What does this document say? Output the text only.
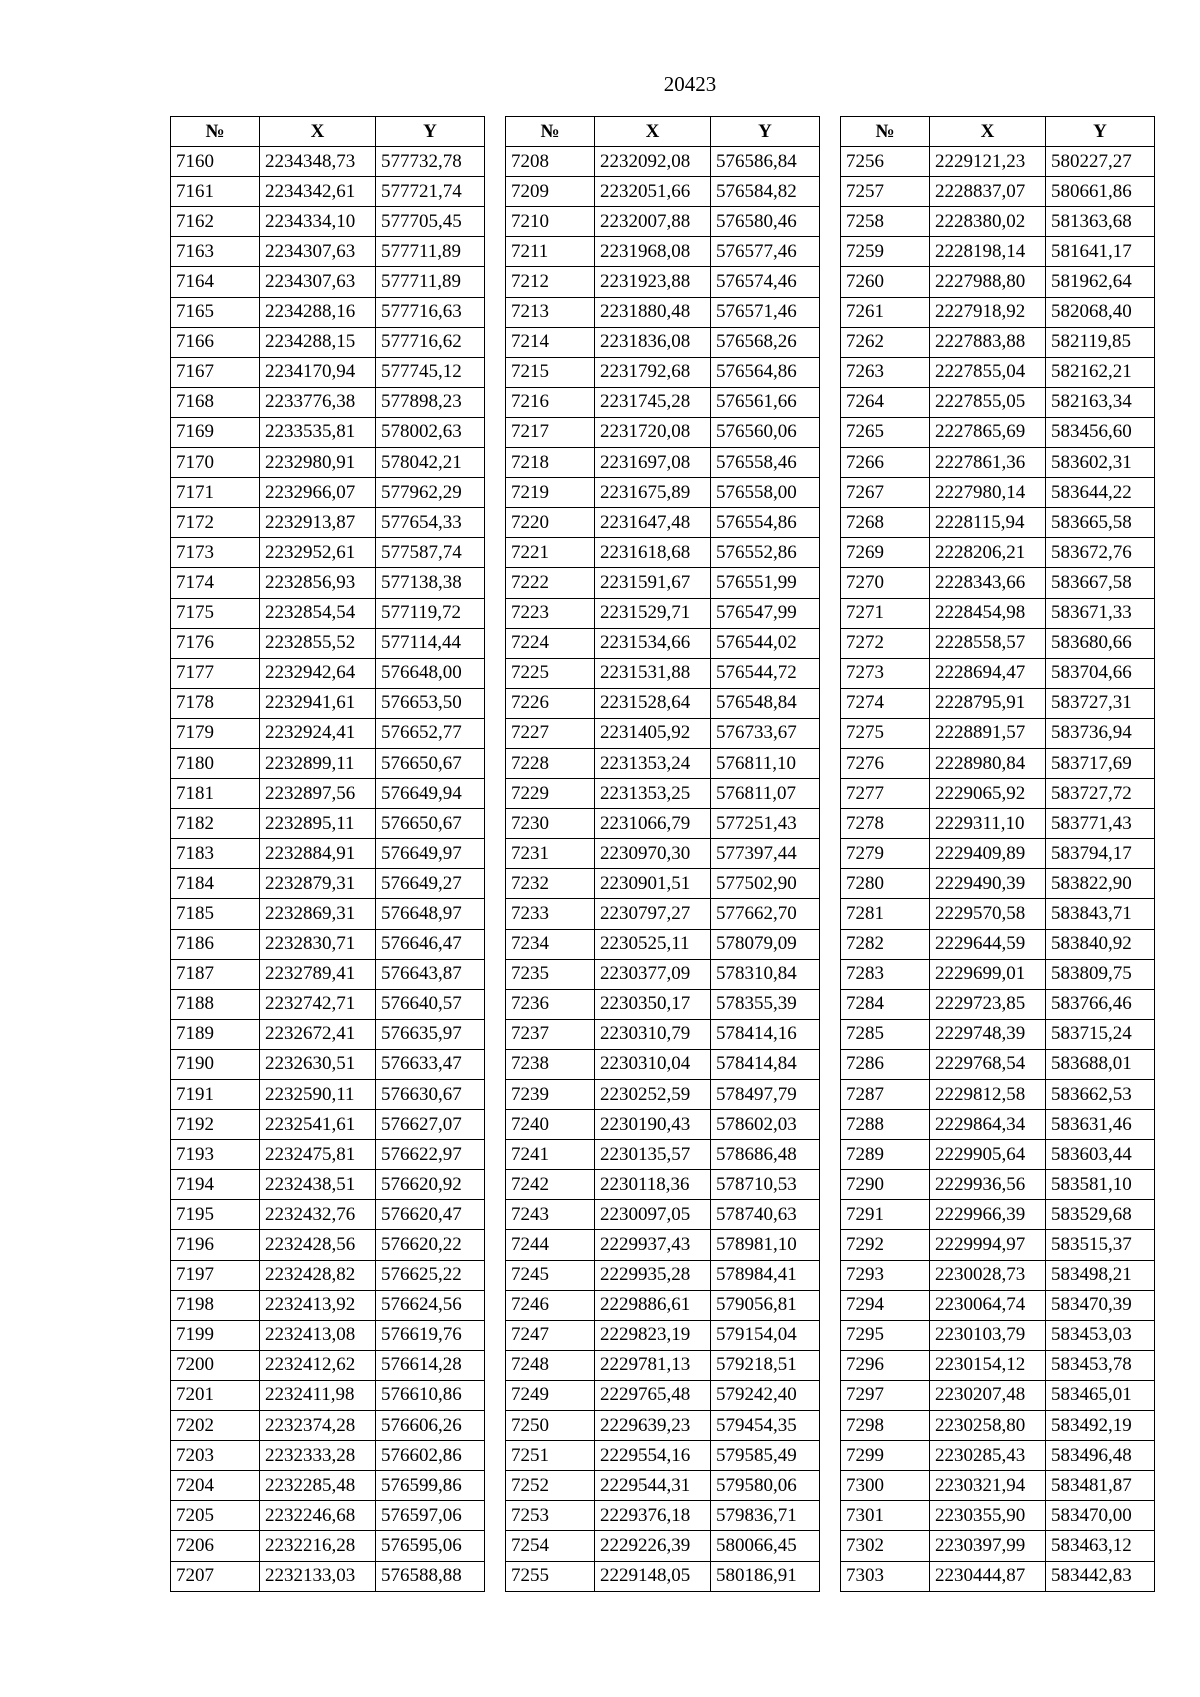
20423
№	X	Y
7160	2234348,73	577732,78
7161	2234342,61	577721,74
7162	2234334,10	577705,45
7163	2234307,63	577711,89
7164	2234307,63	577711,89
7165	2234288,16	577716,63
7166	2234288,15	577716,62
7167	2234170,94	577745,12
7168	2233776,38	577898,23
7169	2233535,81	578002,63
7170	2232980,91	578042,21
7171	2232966,07	577962,29
7172	2232913,87	577654,33
7173	2232952,61	577587,74
7174	2232856,93	577138,38
7175	2232854,54	577119,72
7176	2232855,52	577114,44
7177	2232942,64	576648,00
7178	2232941,61	576653,50
7179	2232924,41	576652,77
7180	2232899,11	576650,67
7181	2232897,56	576649,94
7182	2232895,11	576650,67
7183	2232884,91	576649,97
7184	2232879,31	576649,27
7185	2232869,31	576648,97
7186	2232830,71	576646,47
7187	2232789,41	576643,87
7188	2232742,71	576640,57
7189	2232672,41	576635,97
7190	2232630,51	576633,47
7191	2232590,11	576630,67
7192	2232541,61	576627,07
7193	2232475,81	576622,97
7194	2232438,51	576620,92
7195	2232432,76	576620,47
7196	2232428,56	576620,22
7197	2232428,82	576625,22
7198	2232413,92	576624,56
7199	2232413,08	576619,76
7200	2232412,62	576614,28
7201	2232411,98	576610,86
7202	2232374,28	576606,26
7203	2232333,28	576602,86
7204	2232285,48	576599,86
7205	2232246,68	576597,06
7206	2232216,28	576595,06
7207	2232133,03	576588,88
№	X	Y
7208	2232092,08	576586,84
7209	2232051,66	576584,82
7210	2232007,88	576580,46
7211	2231968,08	576577,46
7212	2231923,88	576574,46
7213	2231880,48	576571,46
7214	2231836,08	576568,26
7215	2231792,68	576564,86
7216	2231745,28	576561,66
7217	2231720,08	576560,06
7218	2231697,08	576558,46
7219	2231675,89	576558,00
7220	2231647,48	576554,86
7221	2231618,68	576552,86
7222	2231591,67	576551,99
7223	2231529,71	576547,99
7224	2231534,66	576544,02
7225	2231531,88	576544,72
7226	2231528,64	576548,84
7227	2231405,92	576733,67
7228	2231353,24	576811,10
7229	2231353,25	576811,07
7230	2231066,79	577251,43
7231	2230970,30	577397,44
7232	2230901,51	577502,90
7233	2230797,27	577662,70
7234	2230525,11	578079,09
7235	2230377,09	578310,84
7236	2230350,17	578355,39
7237	2230310,79	578414,16
7238	2230310,04	578414,84
7239	2230252,59	578497,79
7240	2230190,43	578602,03
7241	2230135,57	578686,48
7242	2230118,36	578710,53
7243	2230097,05	578740,63
7244	2229937,43	578981,10
7245	2229935,28	578984,41
7246	2229886,61	579056,81
7247	2229823,19	579154,04
7248	2229781,13	579218,51
7249	2229765,48	579242,40
7250	2229639,23	579454,35
7251	2229554,16	579585,49
7252	2229544,31	579580,06
7253	2229376,18	579836,71
7254	2229226,39	580066,45
7255	2229148,05	580186,91
№	X	Y
7256	2229121,23	580227,27
7257	2228837,07	580661,86
7258	2228380,02	581363,68
7259	2228198,14	581641,17
7260	2227988,80	581962,64
7261	2227918,92	582068,40
7262	2227883,88	582119,85
7263	2227855,04	582162,21
7264	2227855,05	582163,34
7265	2227865,69	583456,60
7266	2227861,36	583602,31
7267	2227980,14	583644,22
7268	2228115,94	583665,58
7269	2228206,21	583672,76
7270	2228343,66	583667,58
7271	2228454,98	583671,33
7272	2228558,57	583680,66
7273	2228694,47	583704,66
7274	2228795,91	583727,31
7275	2228891,57	583736,94
7276	2228980,84	583717,69
7277	2229065,92	583727,72
7278	2229311,10	583771,43
7279	2229409,89	583794,17
7280	2229490,39	583822,90
7281	2229570,58	583843,71
7282	2229644,59	583840,92
7283	2229699,01	583809,75
7284	2229723,85	583766,46
7285	2229748,39	583715,24
7286	2229768,54	583688,01
7287	2229812,58	583662,53
7288	2229864,34	583631,46
7289	2229905,64	583603,44
7290	2229936,56	583581,10
7291	2229966,39	583529,68
7292	2229994,97	583515,37
7293	2230028,73	583498,21
7294	2230064,74	583470,39
7295	2230103,79	583453,03
7296	2230154,12	583453,78
7297	2230207,48	583465,01
7298	2230258,80	583492,19
7299	2230285,43	583496,48
7300	2230321,94	583481,87
7301	2230355,90	583470,00
7302	2230397,99	583463,12
7303	2230444,87	583442,83
